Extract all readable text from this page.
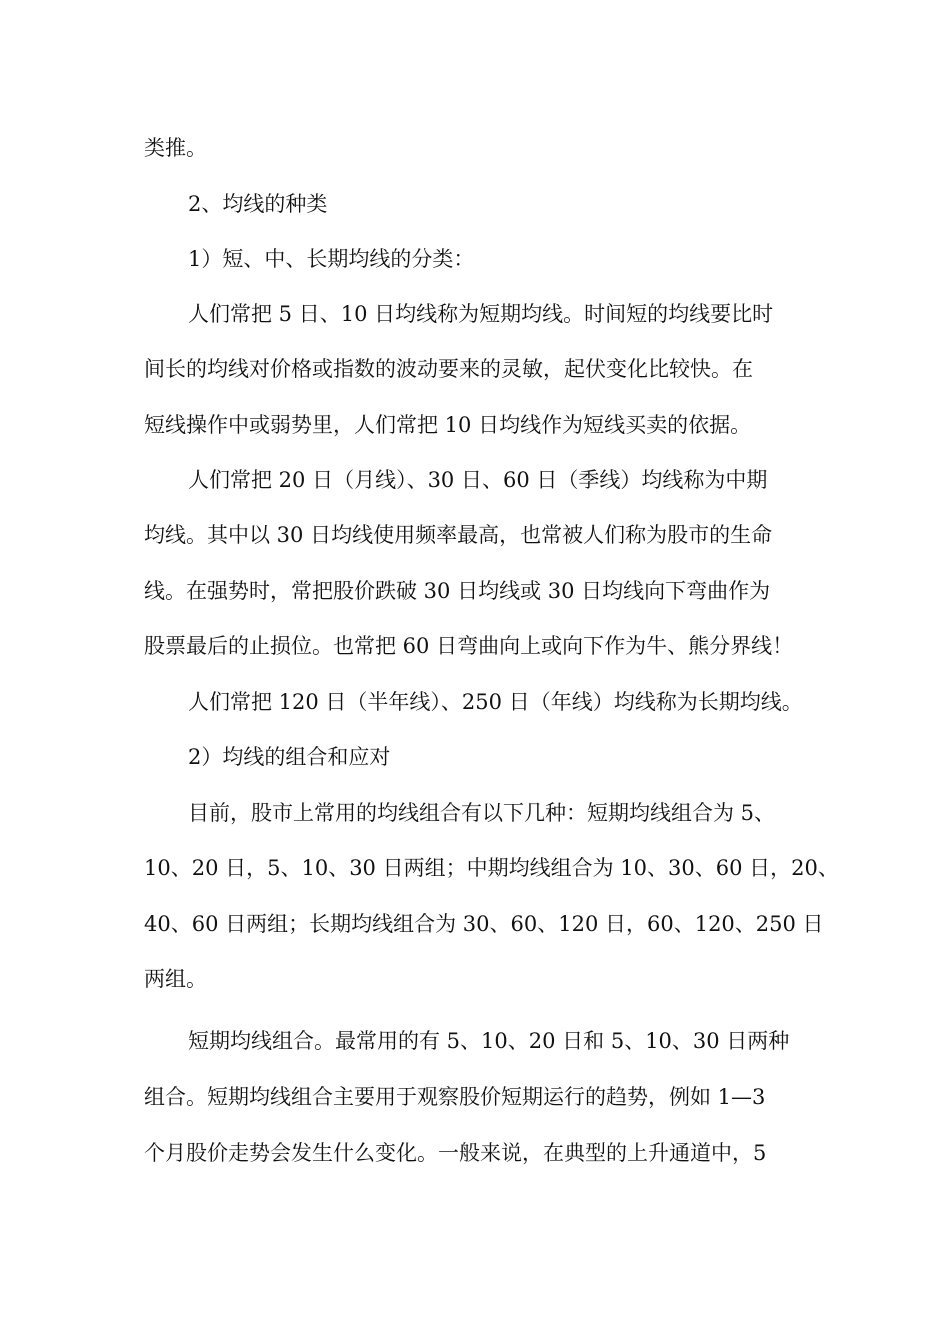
类推。
2、均线的种类
1）短、中、长期均线的分类：
人们常把 5 日、10 日均线称为短期均线。时间短的均线要比时
间长的均线对价格或指数的波动要来的灵敏，起伏变化比较快。在
短线操作中或弱势里，人们常把 10 日均线作为短线买卖的依据。
人们常把 20 日（月线）、30 日、60 日（季线）均线称为中期
均线。其中以 30 日均线使用频率最高，也常被人们称为股市的生命
线。在强势时，常把股价跌破 30 日均线或 30 日均线向下弯曲作为
股票最后的止损位。也常把 60 日弯曲向上或向下作为牛、熊分界线！
人们常把 120 日（半年线）、250 日（年线）均线称为长期均线。
2）均线的组合和应对
目前，股市上常用的均线组合有以下几种：短期均线组合为 5、
10、20 日，5、10、30 日两组；中期均线组合为 10、30、60 日，20、
40、60 日两组；长期均线组合为 30、60、120 日，60、120、250 日
两组。
短期均线组合。最常用的有 5、10、20 日和 5、10、30 日两种
组合。短期均线组合主要用于观察股价短期运行的趋势，例如 1—3
个月股价走势会发生什么变化。一般来说，在典型的上升通道中，5
